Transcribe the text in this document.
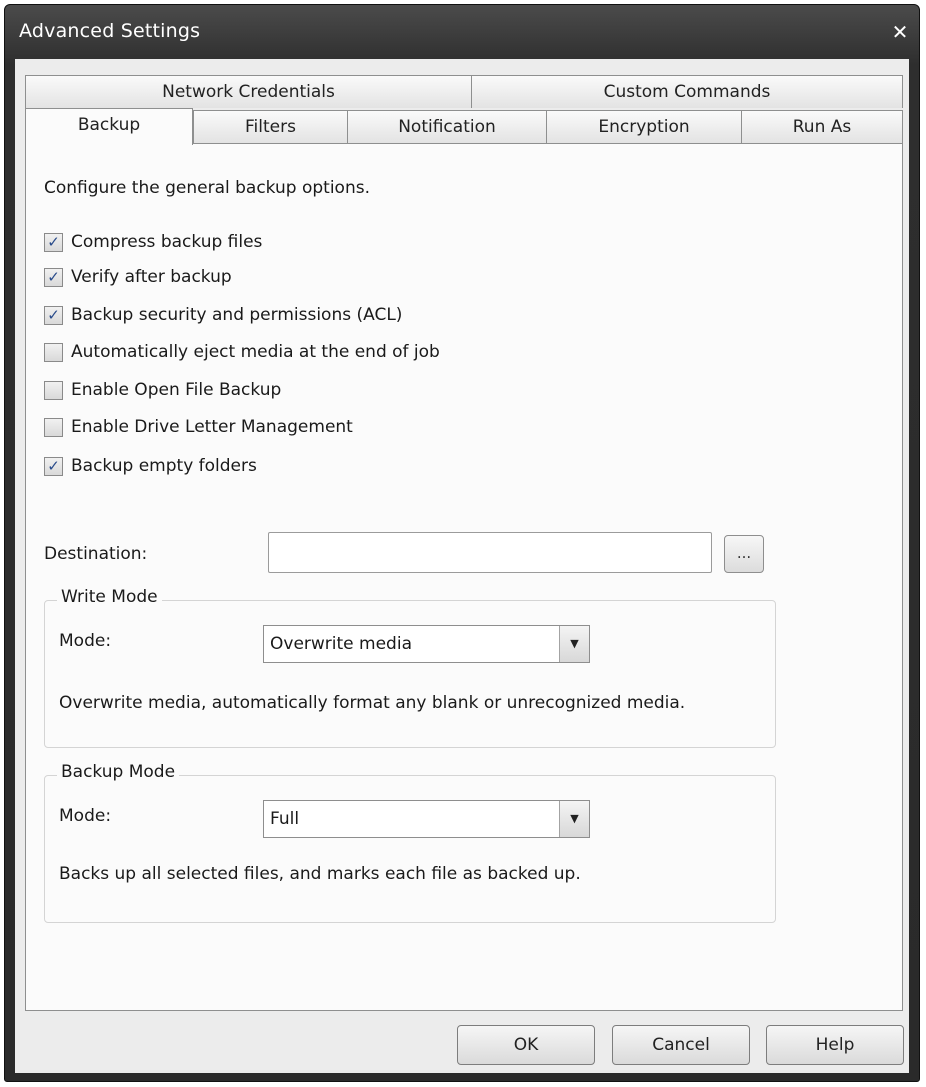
Advanced Settings	✕
Network Credentials	Custom Commands
Backup	Filters	Notification	Encryption	Run As
Configure the general backup options.
✓ Compress backup files
✓ Verify after backup
✓ Backup security and permissions (ACL)
Automatically eject media at the end of job
Enable Open File Backup
Enable Drive Letter Management
✓ Backup empty folders
Destination:	...
Write Mode
Mode:	Overwrite media	▼
Overwrite media, automatically format any blank or unrecognized media.
Backup Mode
Mode:	Full	▼
Backs up all selected files, and marks each file as backed up.
OK	Cancel	Help
